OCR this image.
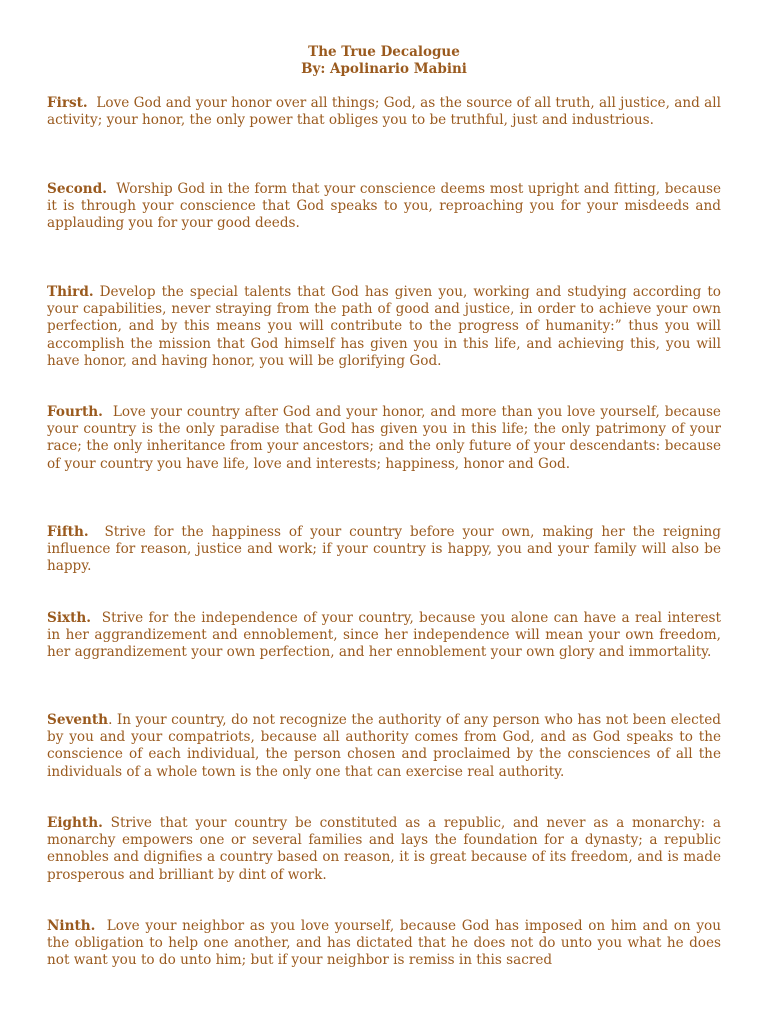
The True Decalogue
By: Apolinario Mabini

First. Love God and your honor over all things; God, as the source of all truth, all justice, and all activity; your honor, the only power that obliges you to be truthful, just and industrious.

Second. Worship God in the form that your conscience deems most upright and fitting, because it is through your conscience that God speaks to you, reproaching you for your misdeeds and applauding you for your good deeds.

Third. Develop the special talents that God has given you, working and studying according to your capabilities, never straying from the path of good and justice, in order to achieve your own perfection, and by this means you will contribute to the progress of humanity:” thus you will accomplish the mission that God himself has given you in this life, and achieving this, you will have honor, and having honor, you will be glorifying God.

Fourth. Love your country after God and your honor, and more than you love yourself, because your country is the only paradise that God has given you in this life; the only patrimony of your race; the only inheritance from your ancestors; and the only future of your descendants: because of your country you have life, love and interests; happiness, honor and God.

Fifth. Strive for the happiness of your country before your own, making her the reigning influence for reason, justice and work; if your country is happy, you and your family will also be happy.

Sixth. Strive for the independence of your country, because you alone can have a real interest in her aggrandizement and ennoblement, since her independence will mean your own freedom, her aggrandizement your own perfection, and her ennoblement your own glory and immortality.

Seventh. In your country, do not recognize the authority of any person who has not been elected by you and your compatriots, because all authority comes from God, and as God speaks to the conscience of each individual, the person chosen and proclaimed by the consciences of all the individuals of a whole town is the only one that can exercise real authority.

Eighth. Strive that your country be constituted as a republic, and never as a monarchy: a monarchy empowers one or several families and lays the foundation for a dynasty; a republic ennobles and dignifies a country based on reason, it is great because of its freedom, and is made prosperous and brilliant by dint of work.

Ninth. Love your neighbor as you love yourself, because God has imposed on him and on you the obligation to help one another, and has dictated that he does not do unto you what he does not want you to do unto him; but if your neighbor is remiss in this sacred
